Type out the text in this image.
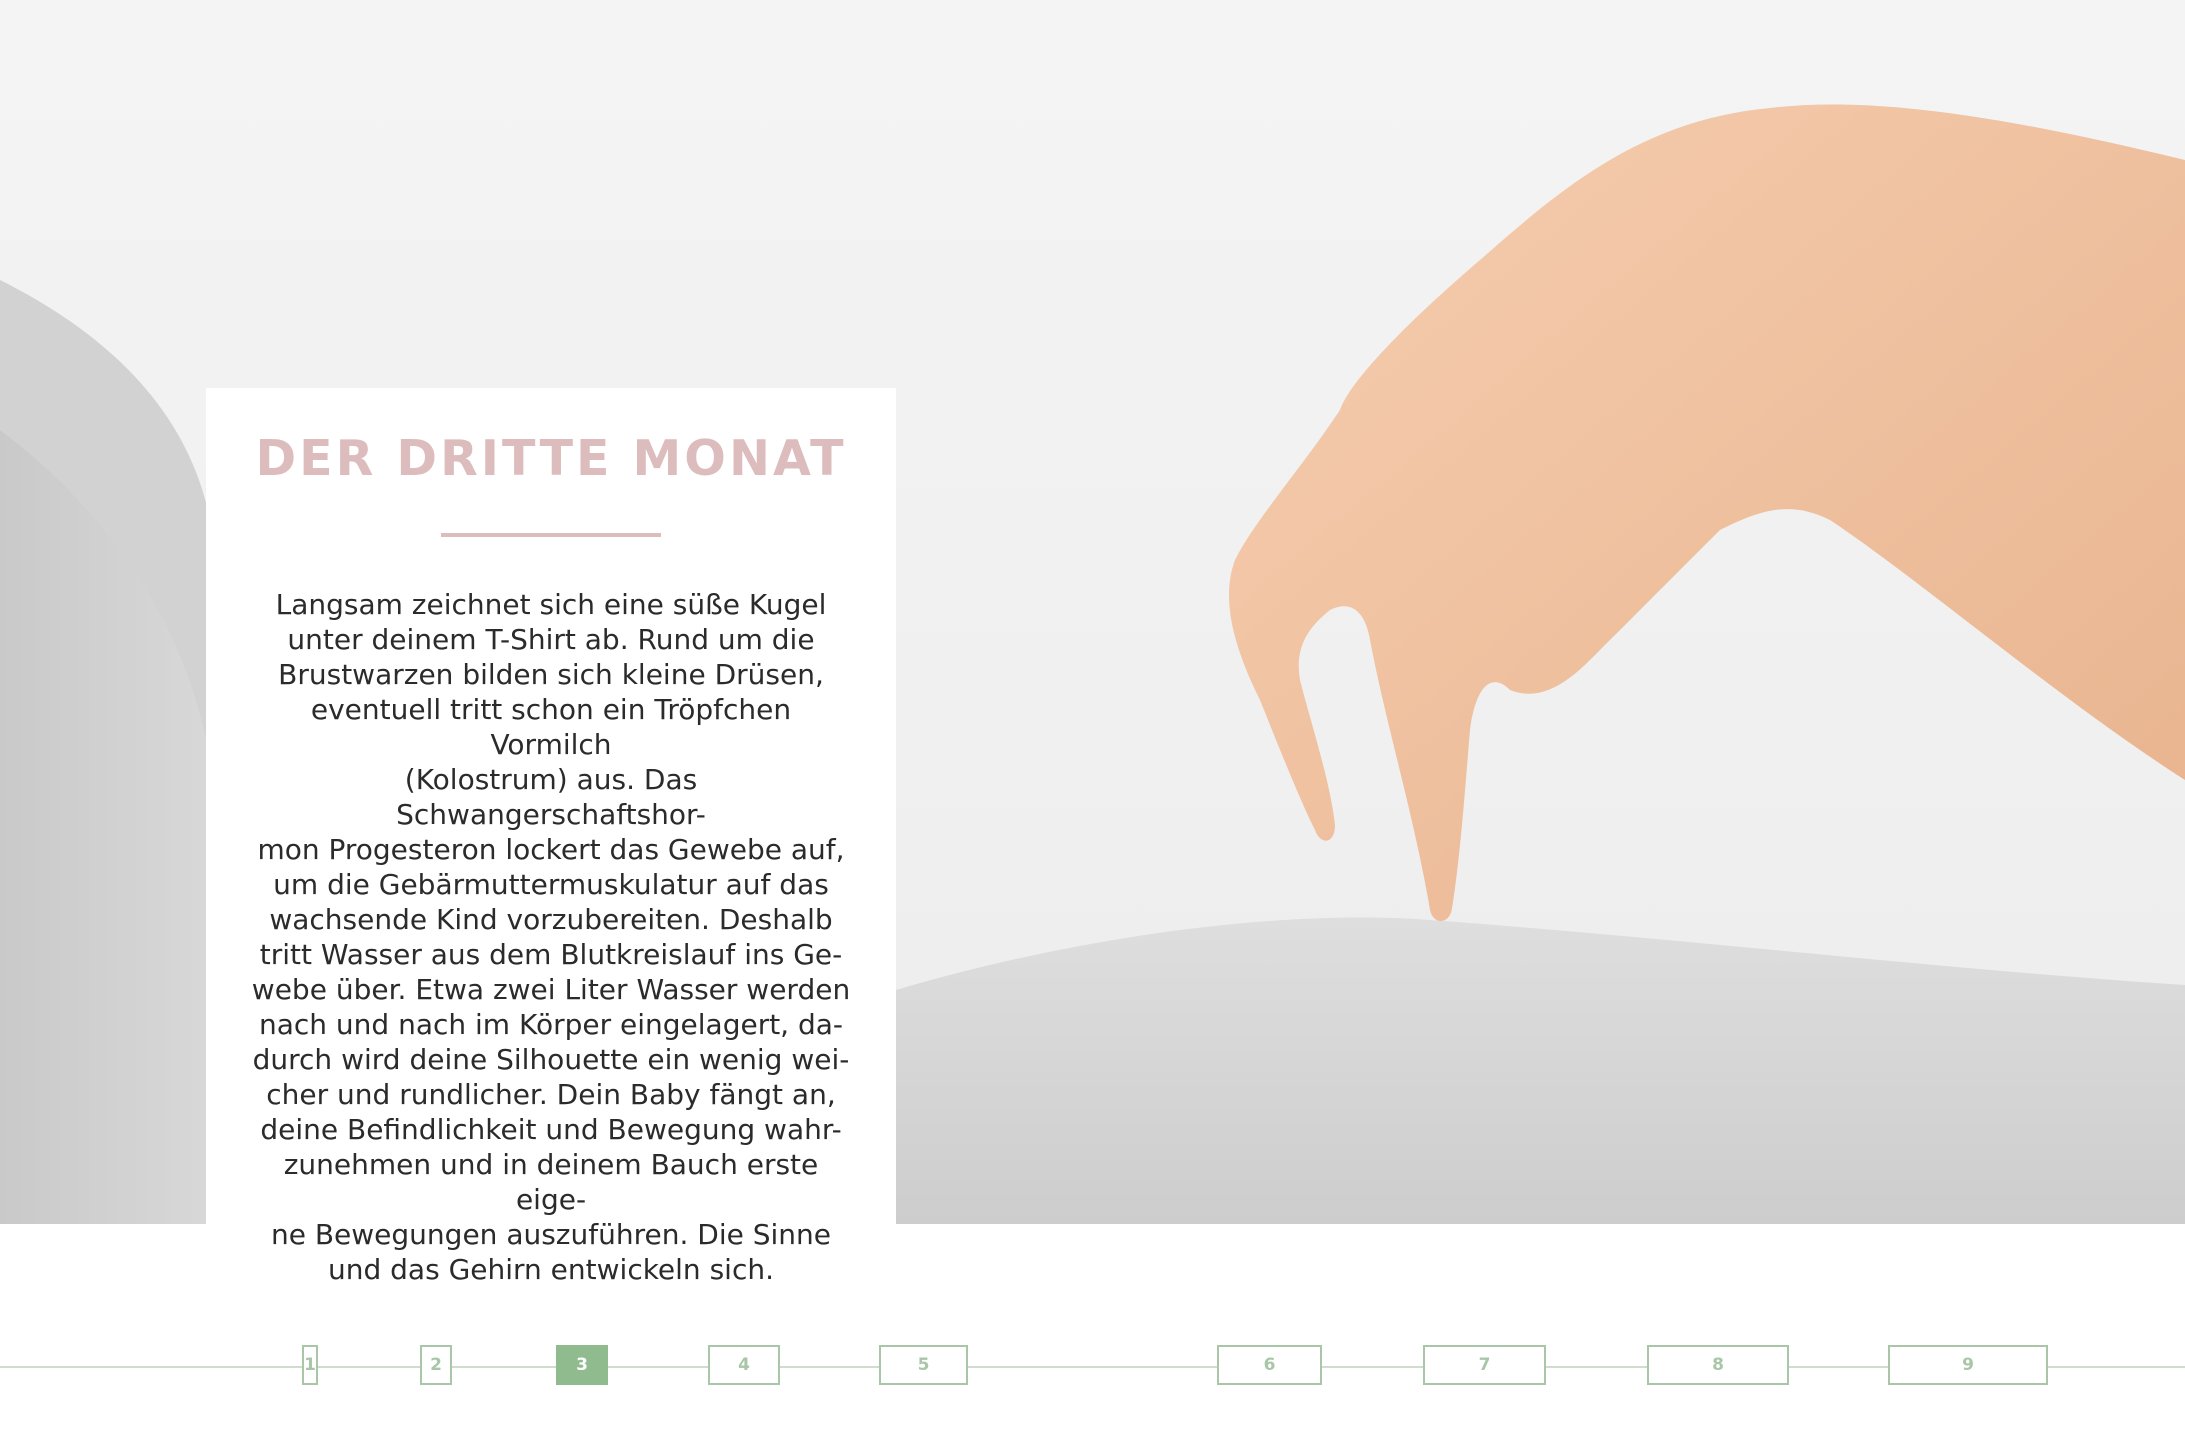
DER DRITTE MONAT

Langsam zeichnet sich eine süße Kugel
unter deinem T-Shirt ab. Rund um die
Brustwarzen bilden sich kleine Drüsen,
eventuell tritt schon ein Tröpfchen Vormilch
(Kolostrum) aus. Das Schwangerschaftshor-
mon Progesteron lockert das Gewebe auf,
um die Gebärmuttermuskulatur auf das
wachsende Kind vorzubereiten. Deshalb
tritt Wasser aus dem Blutkreislauf ins Ge-
webe über. Etwa zwei Liter Wasser werden
nach und nach im Körper eingelagert, da-
durch wird deine Silhouette ein wenig wei-
cher und rundlicher. Dein Baby fängt an,
deine Befindlichkeit und Bewegung wahr-
zunehmen und in deinem Bauch erste eige-
ne Bewegungen auszuführen. Die Sinne
und das Gehirn entwickeln sich.

1	2	3	4	5	6	7	8	9
